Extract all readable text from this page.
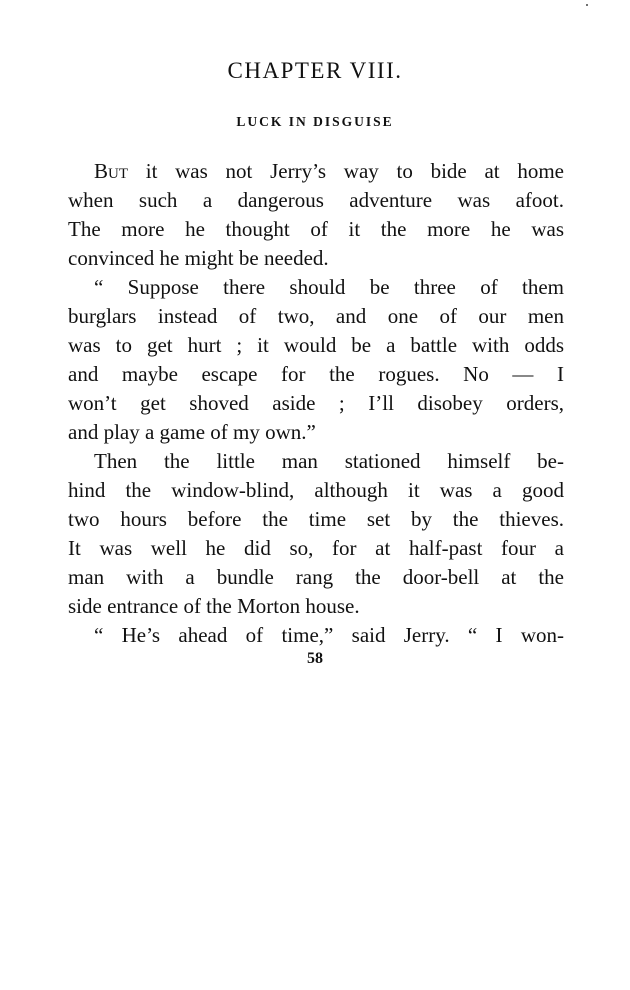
CHAPTER VIII.
LUCK IN DISGUISE
But it was not Jerry’s way to bide at home
when such a dangerous adventure was afoot.
The more he thought of it the more he was
convinced he might be needed.
“ Suppose there should be three of them
burglars instead of two, and one of our men
was to get hurt ; it would be a battle with odds
and maybe escape for the rogues. No — I
won’t get shoved aside ; I’ll disobey orders,
and play a game of my own.”
Then the little man stationed himself be-
hind the window-blind, although it was a good
two hours before the time set by the thieves.
It was well he did so, for at half-past four a
man with a bundle rang the door-bell at the
side entrance of the Morton house.
“ He’s ahead of time,” said Jerry. “ I won-
58
